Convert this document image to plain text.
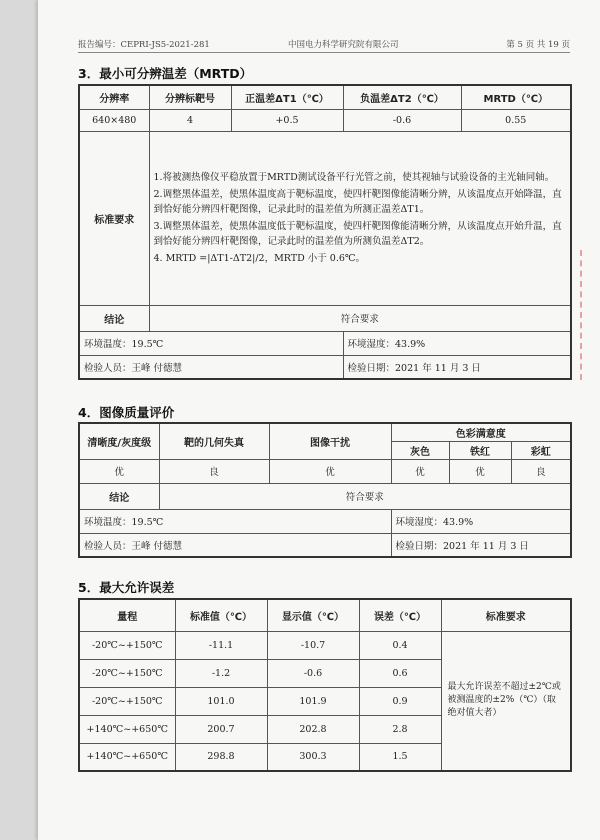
报告编号：CEPRI-JS5-2021-281	中国电力科学研究院有限公司	第 5 页 共 19 页
3．最小可分辨温差（MRTD）
分辨率	分辨标靶号	正温差ΔT1（℃）	负温差ΔT2（℃）	MRTD（℃）
640×480	4	+0.5	-0.6	0.55
标准要求	1.将被测热像仪平稳放置于MRTD测试设备平行光管之前，使其视轴与试验设备的主光轴同轴。

2.调整黑体温差，使黑体温度高于靶标温度，使四杆靶图像能清晰分辨，从该温度点开始降温，直到恰好能分辨四杆靶图像，记录此时的温差值为所测正温差ΔT1。

3.调整黑体温差，使黑体温度低于靶标温度，使四杆靶图像能清晰分辨，从该温度点开始升温，直到恰好能分辨四杆靶图像，记录此时的温差值为所测负温差ΔT2。

4. MRTD =|ΔT1-ΔT2|/2，MRTD 小于 0.6℃。			

结论	符合要求			
环境温度：19.5℃			环境湿度：43.9%	
检验人员：王峰 付德慧			检验日期：2021 年 11 月 3 日	
4．图像质量评价
清晰度/灰度级	靶的几何失真	图像干扰	色彩满意度		
			灰色	铁红	彩虹
优	良	优	优	优	良
结论	符合要求				
环境温度：19.5℃			环境湿度：43.9%		
检验人员：王峰 付德慧			检验日期：2021 年 11 月 3 日		
5．最大允许误差
量程	标准值（℃）	显示值（℃）	误差（℃）	标准要求
-20℃~+150℃	-11.1	-10.7	0.4	最大允许误差不超过±2℃或被测温度的±2%（℃）（取绝对值大者）
-20℃~+150℃	-1.2	-0.6	0.6	
-20℃~+150℃	101.0	101.9	0.9	
+140℃~+650℃	200.7	202.8	2.8	
+140℃~+650℃	298.8	300.3	1.5	
